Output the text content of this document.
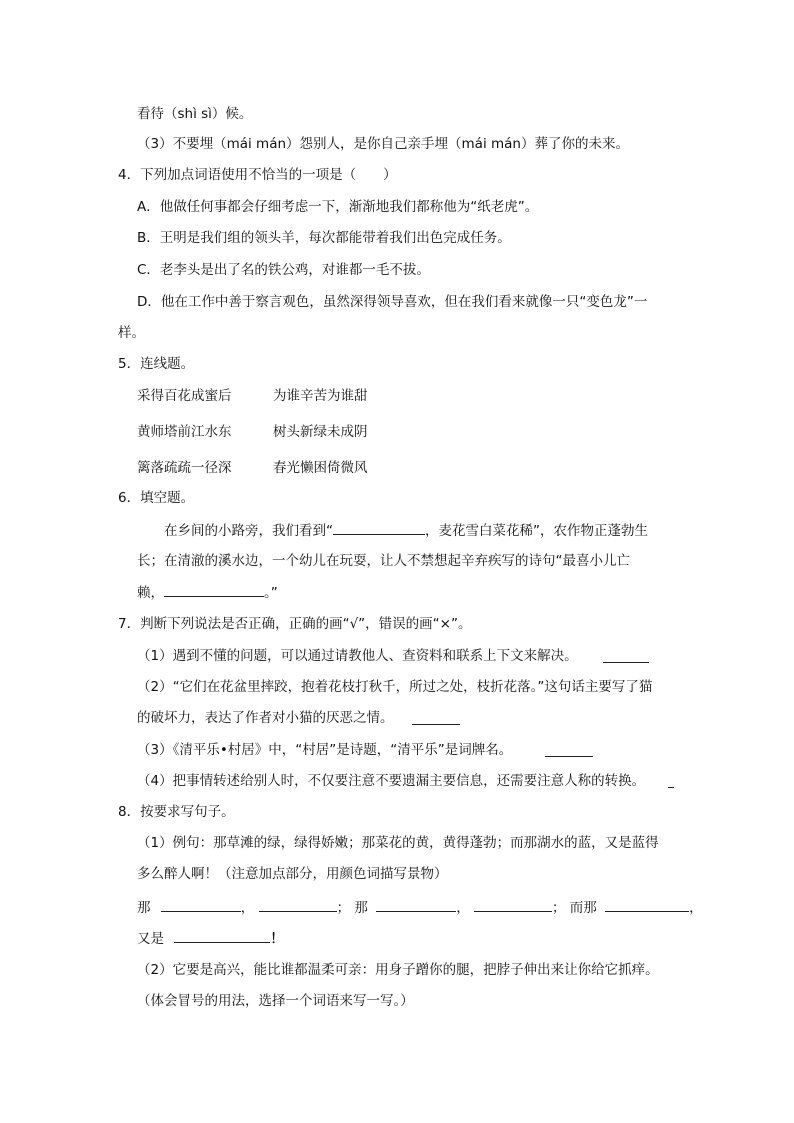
看待（shì sì）候。
（3）不要埋（mái mán）怨别人，是你自己亲手埋（mái mán）葬了你的未来。
4．下列加点词语使用不恰当的一项是（　　）
A．他做任何事都会仔细考虑一下，渐渐地我们都称他为“纸老虎”。
B．王明是我们组的领头羊，每次都能带着我们出色完成任务。
C．老李头是出了名的铁公鸡，对谁都一毛不拔。
D．他在工作中善于察言观色，虽然深得领导喜欢，但在我们看来就像一只“变色龙”一
样。
5．连线题。
采得百花成蜜后	为谁辛苦为谁甜
黄师塔前江水东	树头新绿未成阴
篱落疏疏一径深	春光懒困倚微风
6．填空题。
在乡间的小路旁，我们看到“	，麦花雪白菜花稀”，农作物正蓬勃生
长；在清澈的溪水边，一个幼儿在玩耍，让人不禁想起辛弃疾写的诗句“最喜小儿亡
赖，	。”
7．判断下列说法是否正确，正确的画“√”，错误的画“×”。
（1）遇到不懂的问题，可以通过请教他人、查资料和联系上下文来解决。
（2）“它们在花盆里摔跤，抱着花枝打秋千，所过之处，枝折花落。”这句话主要写了猫
的破坏力，表达了作者对小猫的厌恶之情。
（3）《清平乐•村居》中，“村居”是诗题，“清平乐”是词牌名。
（4）把事情转述给别人时，不仅要注意不要遗漏主要信息，还需要注意人称的转换。
8．按要求写句子。
（1）例句：那草滩的绿，绿得娇嫩；那菜花的黄，黄得蓬勃；而那湖水的蓝，又是蓝得
多么醉人啊！（注意加点部分，用颜色词描写景物）
那	，	； 那	，	； 而那	，
又是	！
（2）它要是高兴，能比谁都温柔可亲：用身子蹭你的腿，把脖子伸出来让你给它抓痒。
（体会冒号的用法，选择一个词语来写一写。）
